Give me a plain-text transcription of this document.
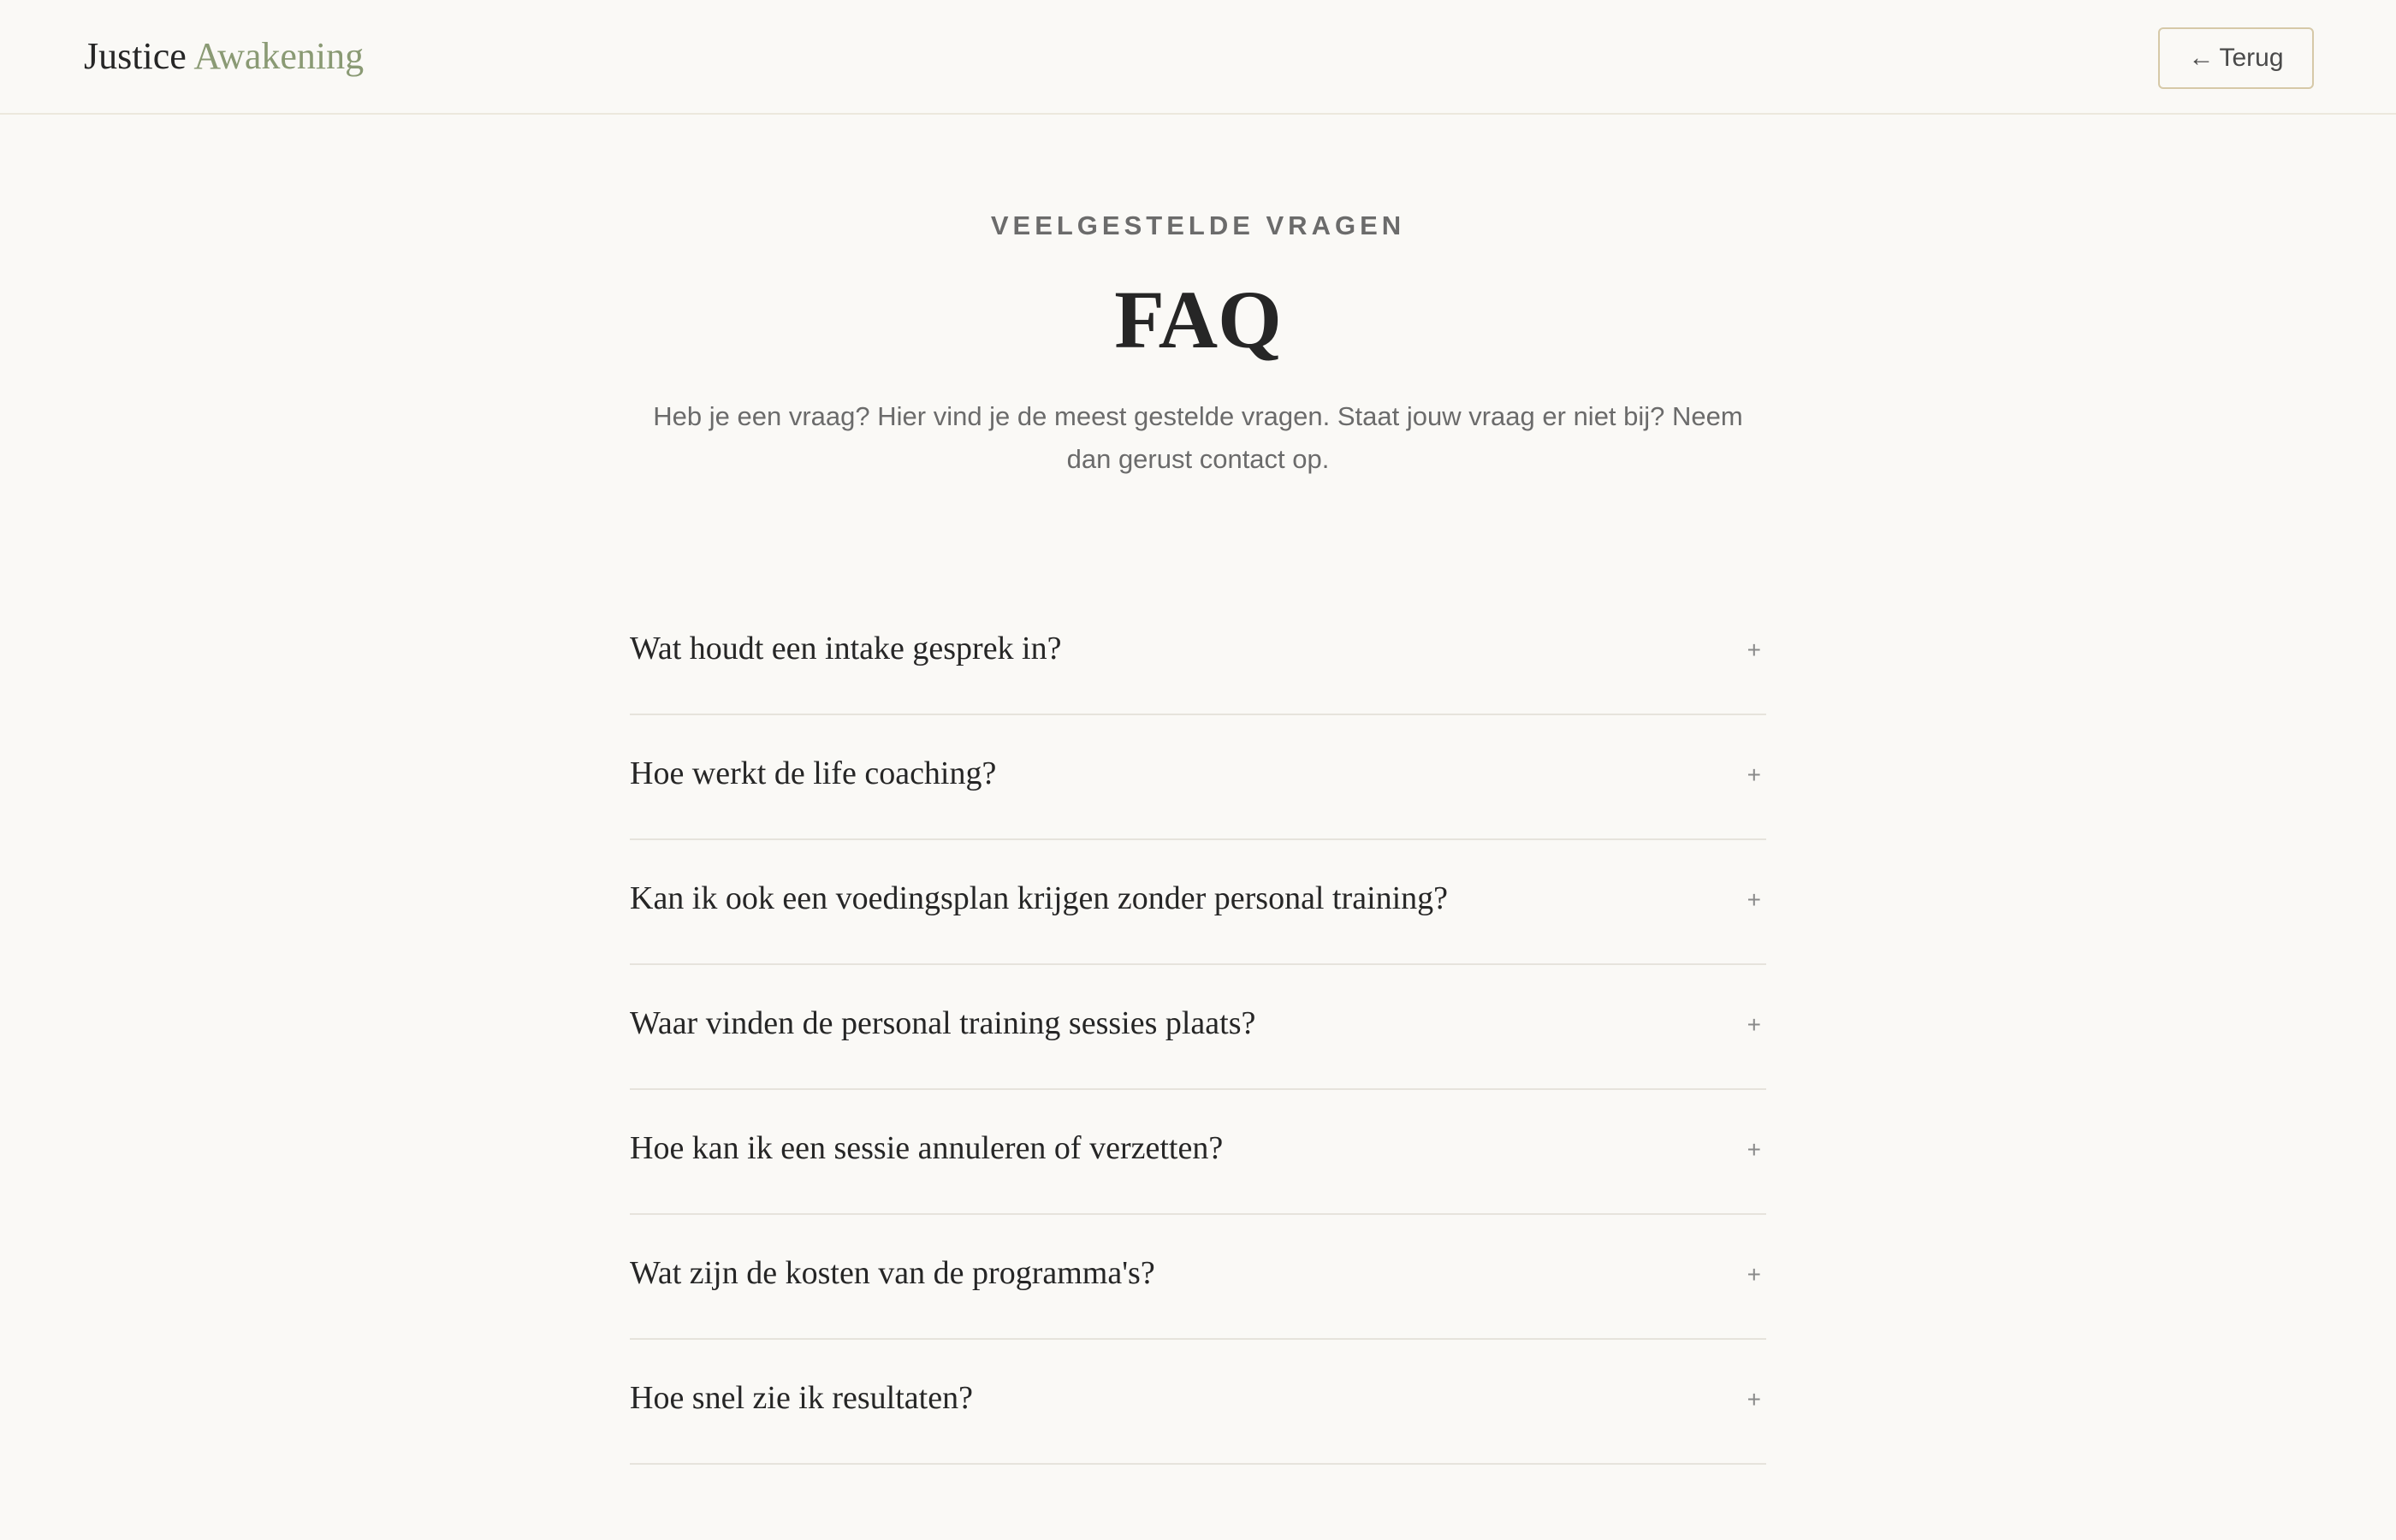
Justice Awakening	← Terug
VEELGESTELDE VRAGEN
FAQ
Heb je een vraag? Hier vind je de meest gestelde vragen. Staat jouw vraag er niet bij? Neem dan gerust contact op.
Wat houdt een intake gesprek in?	+
Hoe werkt de life coaching?	+
Kan ik ook een voedingsplan krijgen zonder personal training?	+
Waar vinden de personal training sessies plaats?	+
Hoe kan ik een sessie annuleren of verzetten?	+
Wat zijn de kosten van de programma's?	+
Hoe snel zie ik resultaten?	+
